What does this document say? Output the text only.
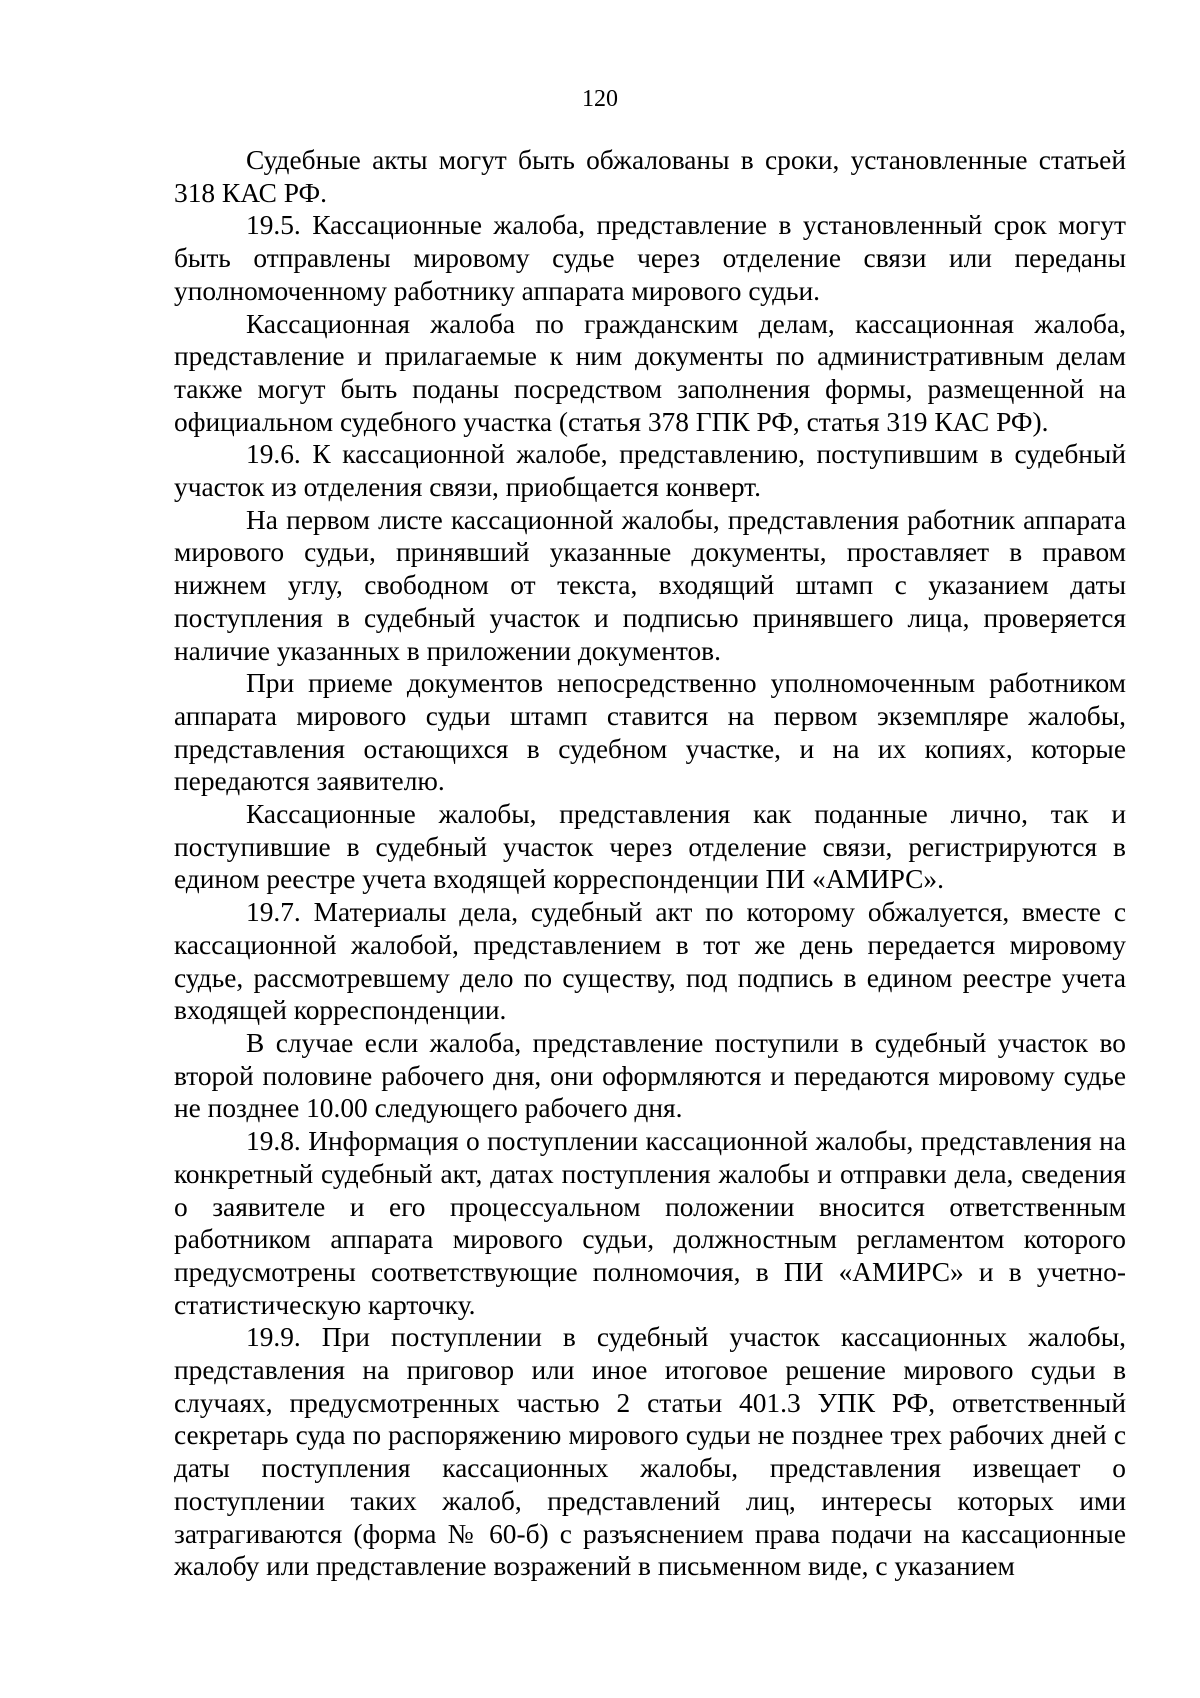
120

Судебные акты могут быть обжалованы в сроки, установленные статьей 318 КАС РФ.

19.5. Кассационные жалоба, представление в установленный срок могут быть отправлены мировому судье через отделение связи или переданы уполномоченному работнику аппарата мирового судьи.

Кассационная жалоба по гражданским делам, кассационная жалоба, представление и прилагаемые к ним документы по административным делам также могут быть поданы посредством заполнения формы, размещенной на официальном судебного участка (статья 378 ГПК РФ, статья 319 КАС РФ).

19.6. К кассационной жалобе, представлению, поступившим в судебный участок из отделения связи, приобщается конверт.

На первом листе кассационной жалобы, представления работник аппарата мирового судьи, принявший указанные документы, проставляет в правом нижнем углу, свободном от текста, входящий штамп с указанием даты поступления в судебный участок и подписью принявшего лица, проверяется наличие указанных в приложении документов.

При приеме документов непосредственно уполномоченным работником аппарата мирового судьи штамп ставится на первом экземпляре жалобы, представления остающихся в судебном участке, и на их копиях, которые передаются заявителю.

Кассационные жалобы, представления как поданные лично, так и поступившие в судебный участок через отделение связи, регистрируются в едином реестре учета входящей корреспонденции ПИ «АМИРС».

19.7. Материалы дела, судебный акт по которому обжалуется, вместе с кассационной жалобой, представлением в тот же день передается мировому судье, рассмотревшему дело по существу, под подпись в едином реестре учета входящей корреспонденции.

В случае если жалоба, представление поступили в судебный участок во второй половине рабочего дня, они оформляются и передаются мировому судье не позднее 10.00 следующего рабочего дня.

19.8. Информация о поступлении кассационной жалобы, представления на конкретный судебный акт, датах поступления жалобы и отправки дела, сведения о заявителе и его процессуальном положении вносится ответственным работником аппарата мирового судьи, должностным регламентом которого предусмотрены соответствующие полномочия, в ПИ «АМИРС» и в учетно-статистическую карточку.

19.9. При поступлении в судебный участок кассационных жалобы, представления на приговор или иное итоговое решение мирового судьи в случаях, предусмотренных частью 2 статьи 401.3 УПК РФ, ответственный секретарь суда по распоряжению мирового судьи не позднее трех рабочих дней с даты поступления кассационных жалобы, представления извещает о поступлении таких жалоб, представлений лиц, интересы которых ими затрагиваются (форма № 60-б) с разъяснением права подачи на кассационные жалобу или представление возражений в письменном виде, с указанием
